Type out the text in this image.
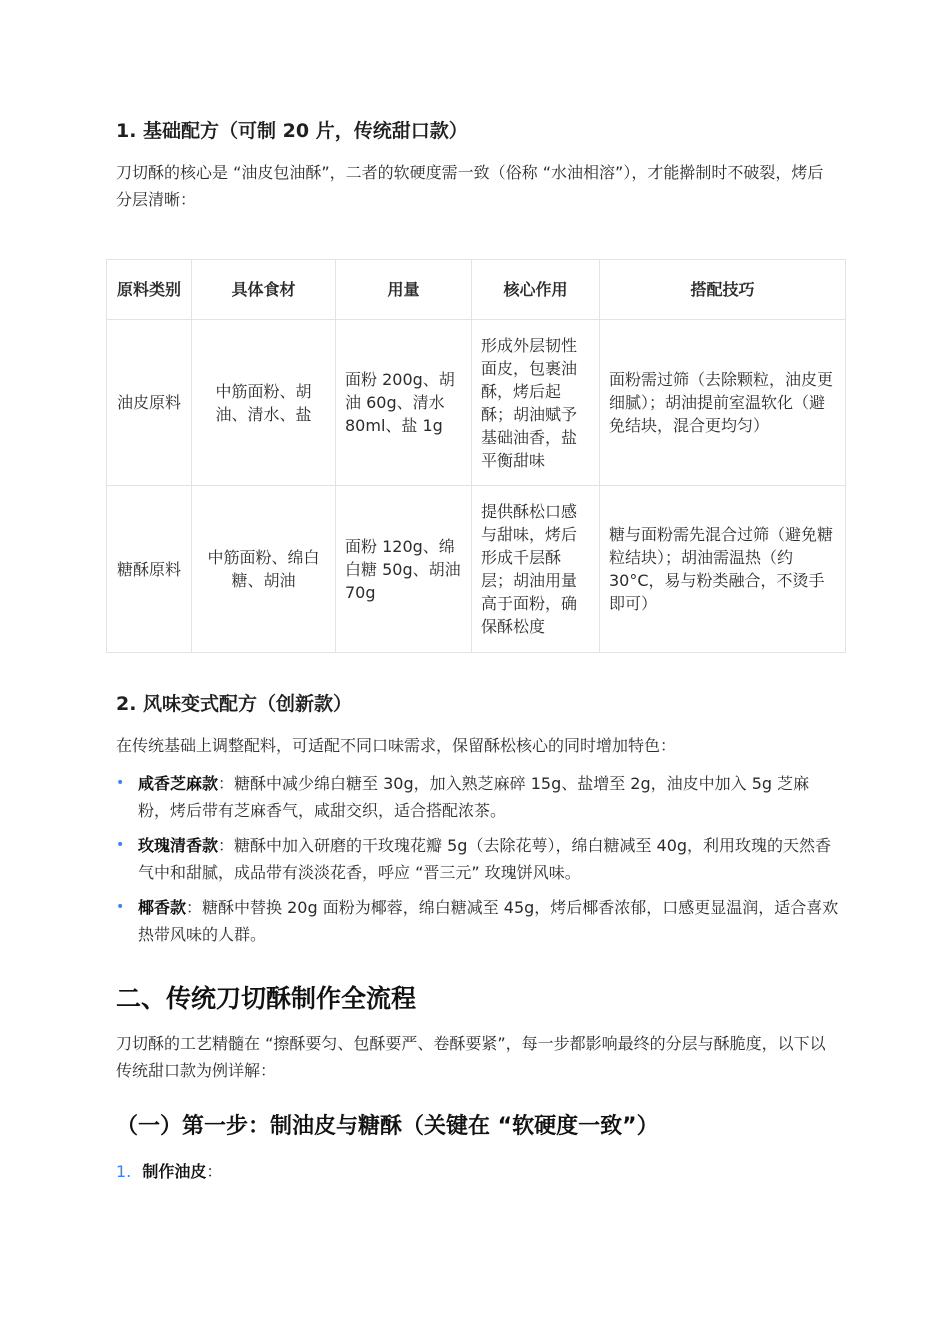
1. 基础配方（可制 20 片，传统甜口款）

刀切酥的核心是 “油皮包油酥”，二者的软硬度需一致（俗称 “水油相溶”），才能擀制时不破裂，烤后分层清晰：

原料类别	具体食材	用量	核心作用	搭配技巧
油皮原料	中筋面粉、胡油、清水、盐	面粉 200g、胡油 60g、清水 80ml、盐 1g	形成外层韧性面皮，包裹油酥，烤后起酥；胡油赋予基础油香，盐平衡甜味	面粉需过筛（去除颗粒，油皮更细腻）；胡油提前室温软化（避免结块，混合更均匀）
糖酥原料	中筋面粉、绵白糖、胡油	面粉 120g、绵白糖 50g、胡油 70g	提供酥松口感与甜味，烤后形成千层酥层；胡油用量高于面粉，确保酥松度	糖与面粉需先混合过筛（避免糖粒结块）；胡油需温热（约 30°C，易与粉类融合，不烫手即可）
2. 风味变式配方（创新款）

在传统基础上调整配料，可适配不同口味需求，保留酥松核心的同时增加特色：

• 咸香芝麻款：糖酥中减少绵白糖至 30g，加入熟芝麻碎 15g、盐增至 2g，油皮中加入 5g 芝麻粉，烤后带有芝麻香气，咸甜交织，适合搭配浓茶。
• 玫瑰清香款：糖酥中加入研磨的干玫瑰花瓣 5g（去除花萼），绵白糖减至 40g，利用玫瑰的天然香气中和甜腻，成品带有淡淡花香，呼应 “晋三元” 玫瑰饼风味。
• 椰香款：糖酥中替换 20g 面粉为椰蓉，绵白糖减至 45g，烤后椰香浓郁，口感更显温润，适合喜欢热带风味的人群。
二、传统刀切酥制作全流程

刀切酥的工艺精髓在 “擦酥要匀、包酥要严、卷酥要紧”，每一步都影响最终的分层与酥脆度，以下以传统甜口款为例详解：

（一）第一步：制油皮与糖酥（关键在 “软硬度一致”）
1. 制作油皮：
